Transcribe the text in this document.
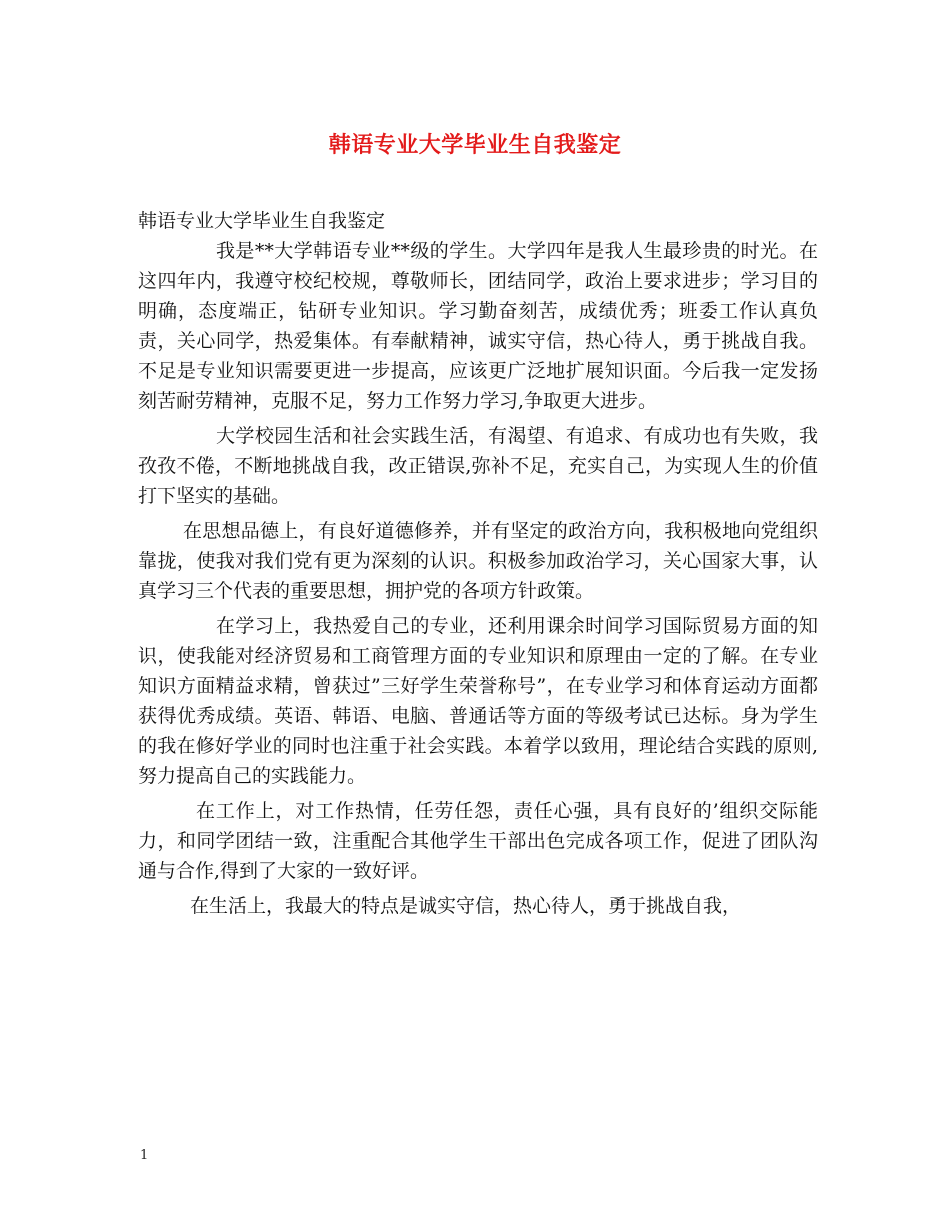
韩语专业大学毕业生自我鉴定

韩语专业大学毕业生自我鉴定

我是**大学韩语专业**级的学生。大学四年是我人生最珍贵的时光。在这四年内，我遵守校纪校规，尊敬师长，团结同学，政治上要求进步；学习目的明确，态度端正，钻研专业知识。学习勤奋刻苦，成绩优秀；班委工作认真负责，关心同学，热爱集体。有奉献精神，诚实守信，热心待人，勇于挑战自我。不足是专业知识需要更进一步提高，应该更广泛地扩展知识面。今后我一定发扬刻苦耐劳精神，克服不足，努力工作努力学习,争取更大进步。

大学校园生活和社会实践生活，有渴望、有追求、有成功也有失败，我孜孜不倦，不断地挑战自我，改正错误,弥补不足，充实自己，为实现人生的价值打下坚实的基础。

在思想品德上，有良好道德修养，并有坚定的政治方向，我积极地向党组织靠拢，使我对我们党有更为深刻的认识。积极参加政治学习，关心国家大事，认真学习三个代表的重要思想，拥护党的各项方针政策。

在学习上，我热爱自己的专业，还利用课余时间学习国际贸易方面的知识，使我能对经济贸易和工商管理方面的专业知识和原理由一定的了解。在专业知识方面精益求精，曾获过”三好学生荣誉称号”，在专业学习和体育运动方面都获得优秀成绩。英语、韩语、电脑、普通话等方面的等级考试已达标。身为学生的我在修好学业的同时也注重于社会实践。本着学以致用，理论结合实践的原则,努力提高自己的实践能力。

在工作上，对工作热情，任劳任怨，责任心强，具有良好的’组织交际能力，和同学团结一致，注重配合其他学生干部出色完成各项工作，促进了团队沟通与合作,得到了大家的一致好评。

在生活上，我最大的特点是诚实守信，热心待人，勇于挑战自我，

1
